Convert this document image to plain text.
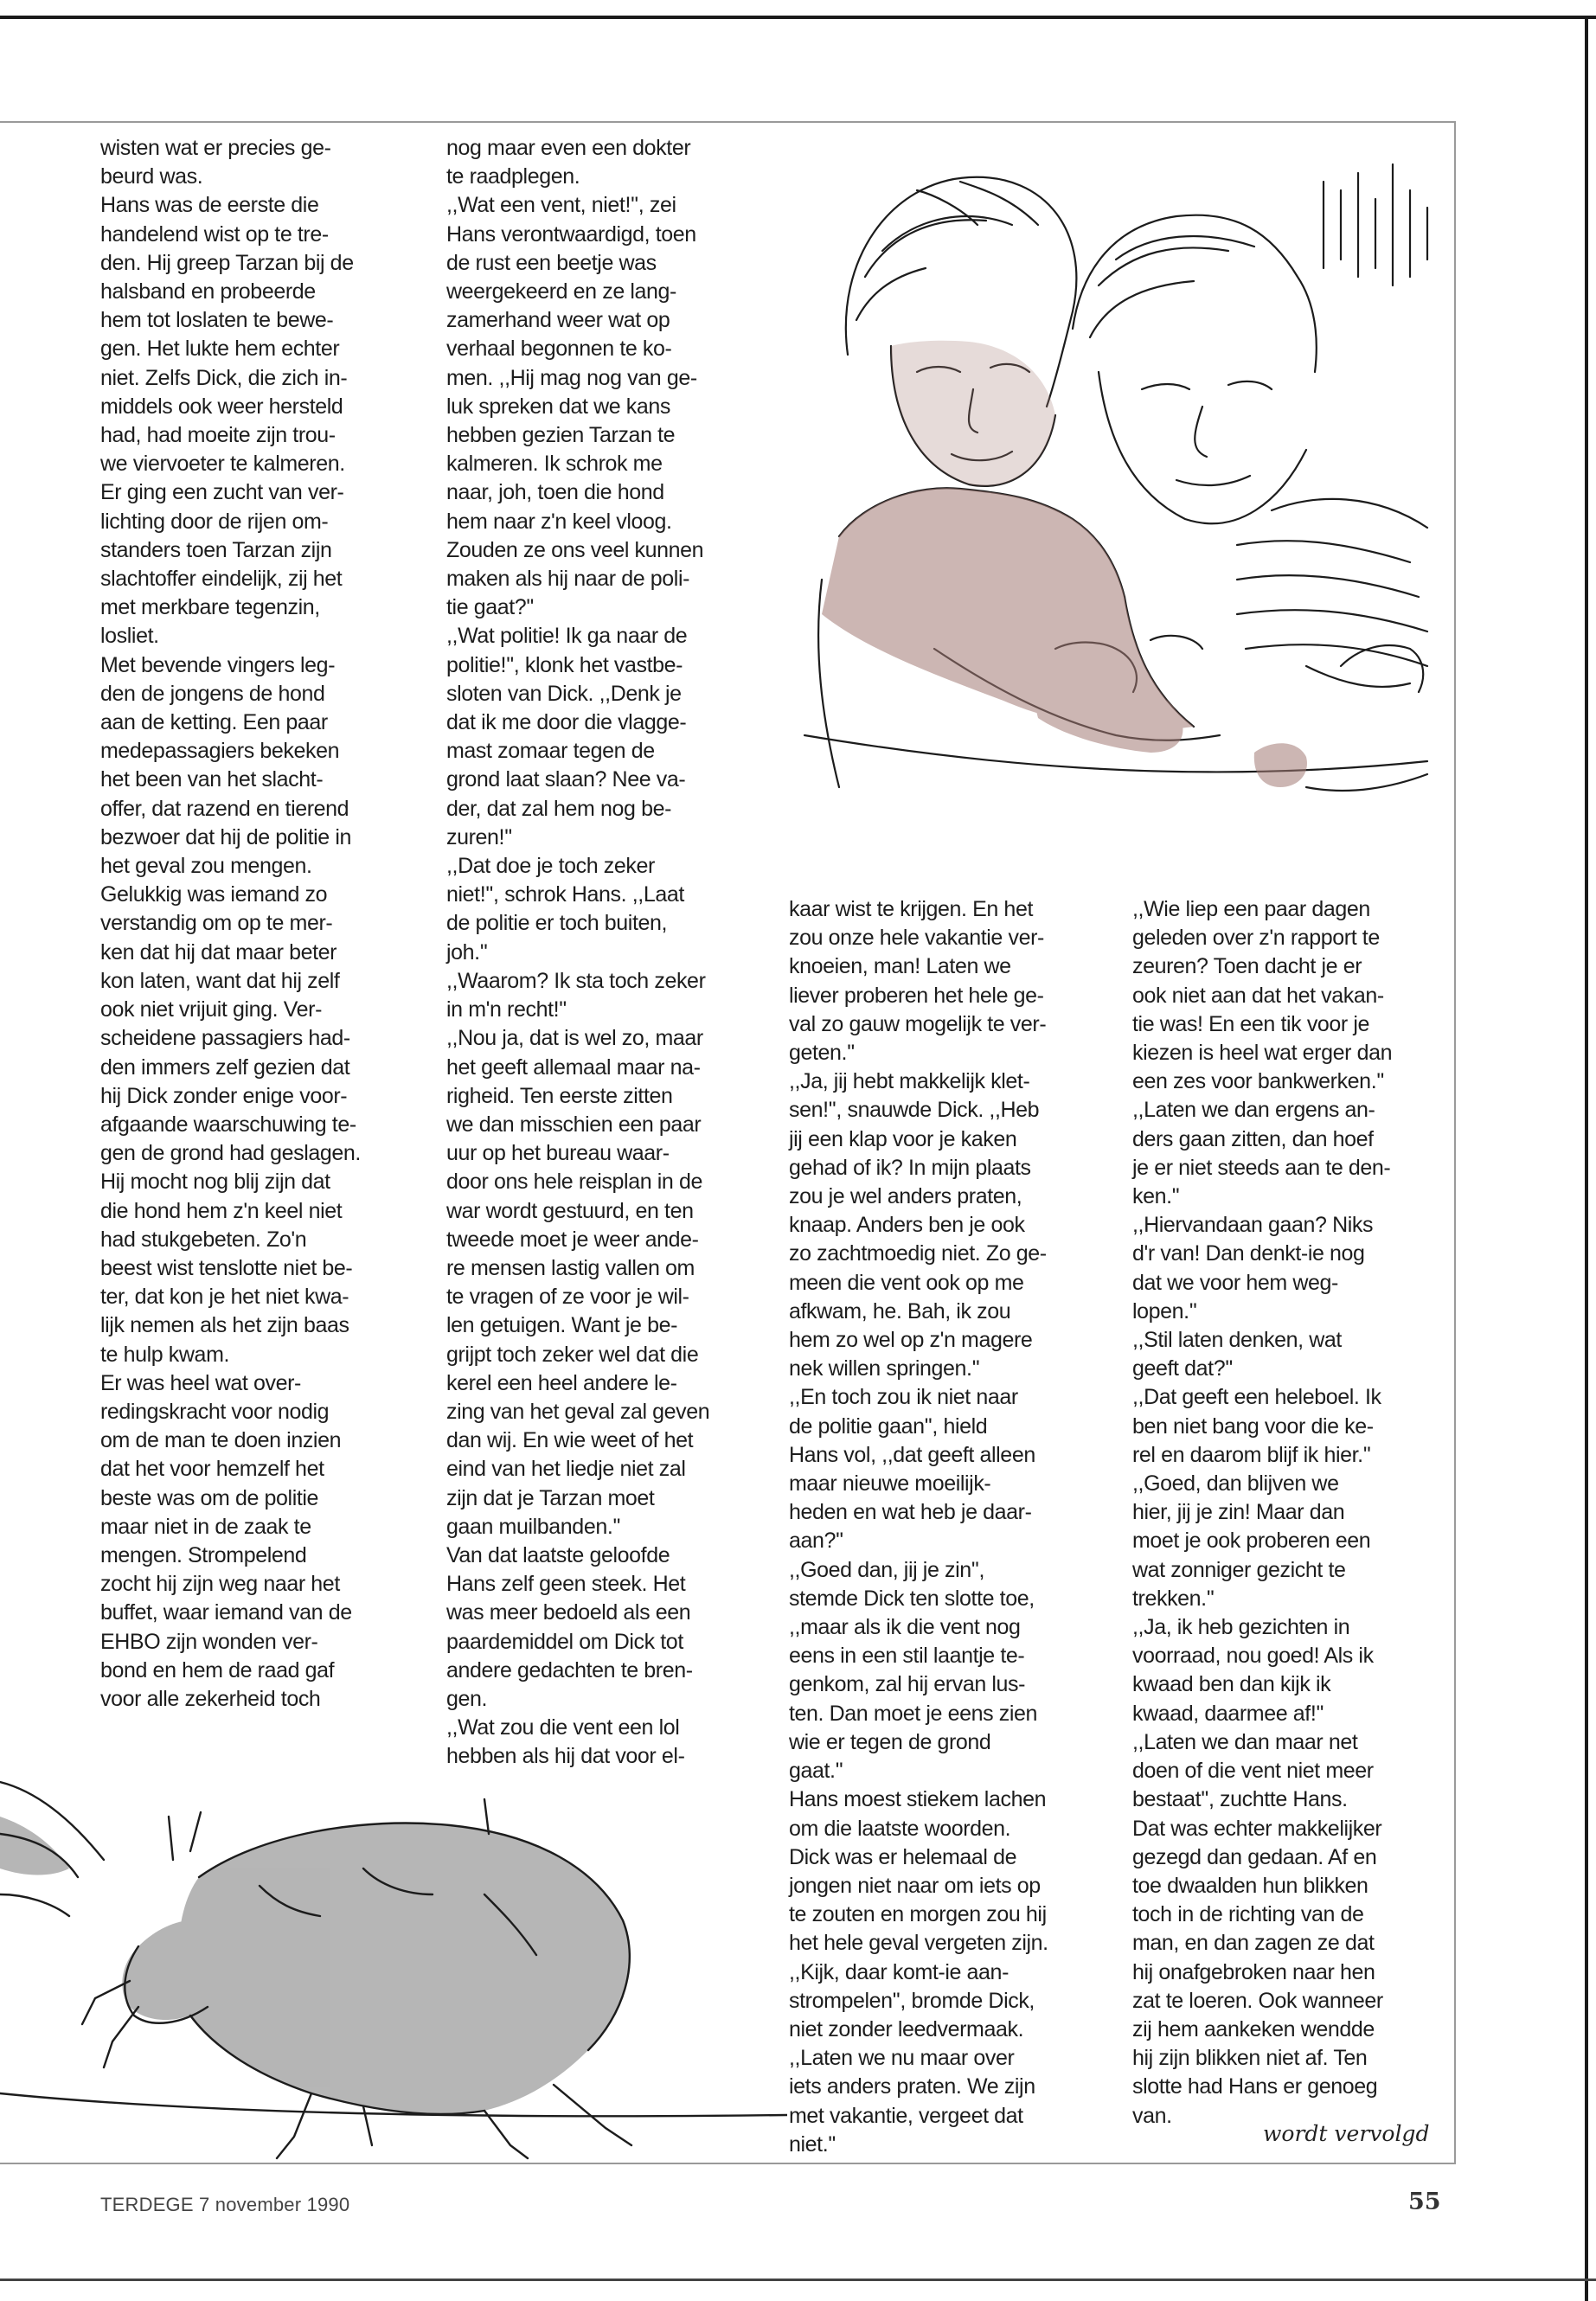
wisten wat er precies ge-
beurd was.
Hans was de eerste die
handelend wist op te tre-
den. Hij greep Tarzan bij de
halsband en probeerde
hem tot loslaten te bewe-
gen. Het lukte hem echter
niet. Zelfs Dick, die zich in-
middels ook weer hersteld
had, had moeite zijn trou-
we viervoeter te kalmeren.
Er ging een zucht van ver-
lichting door de rijen om-
standers toen Tarzan zijn
slachtoffer eindelijk, zij het
met merkbare tegenzin,
losliet.
Met bevende vingers leg-
den de jongens de hond
aan de ketting. Een paar
medepassagiers bekeken
het been van het slacht-
offer, dat razend en tierend
bezwoer dat hij de politie in
het geval zou mengen.
Gelukkig was iemand zo
verstandig om op te mer-
ken dat hij dat maar beter
kon laten, want dat hij zelf
ook niet vrijuit ging. Ver-
scheidene passagiers had-
den immers zelf gezien dat
hij Dick zonder enige voor-
afgaande waarschuwing te-
gen de grond had geslagen.
Hij mocht nog blij zijn dat
die hond hem z'n keel niet
had stukgebeten. Zo'n
beest wist tenslotte niet be-
ter, dat kon je het niet kwa-
lijk nemen als het zijn baas
te hulp kwam.
Er was heel wat over-
redingskracht voor nodig
om de man te doen inzien
dat het voor hemzelf het
beste was om de politie
maar niet in de zaak te
mengen. Strompelend
zocht hij zijn weg naar het
buffet, waar iemand van de
EHBO zijn wonden ver-
bond en hem de raad gaf
voor alle zekerheid toch
nog maar even een dokter
te raadplegen.
,,Wat een vent, niet!'', zei
Hans verontwaardigd, toen
de rust een beetje was
weergekeerd en ze lang-
zamerhand weer wat op
verhaal begonnen te ko-
men. ,,Hij mag nog van ge-
luk spreken dat we kans
hebben gezien Tarzan te
kalmeren. Ik schrok me
naar, joh, toen die hond
hem naar z'n keel vloog.
Zouden ze ons veel kunnen
maken als hij naar de poli-
tie gaat?''
,,Wat politie! Ik ga naar de
politie!'', klonk het vastbe-
sloten van Dick. ,,Denk je
dat ik me door die vlagge-
mast zomaar tegen de
grond laat slaan? Nee va-
der, dat zal hem nog be-
zuren!''
,,Dat doe je toch zeker
niet!'', schrok Hans. ,,Laat
de politie er toch buiten,
joh.''
,,Waarom? Ik sta toch zeker
in m'n recht!''
,,Nou ja, dat is wel zo, maar
het geeft allemaal maar na-
righeid. Ten eerste zitten
we dan misschien een paar
uur op het bureau waar-
door ons hele reisplan in de
war wordt gestuurd, en ten
tweede moet je weer ande-
re mensen lastig vallen om
te vragen of ze voor je wil-
len getuigen. Want je be-
grijpt toch zeker wel dat die
kerel een heel andere le-
zing van het geval zal geven
dan wij. En wie weet of het
eind van het liedje niet zal
zijn dat je Tarzan moet
gaan muilbanden.''
Van dat laatste geloofde
Hans zelf geen steek. Het
was meer bedoeld als een
paardemiddel om Dick tot
andere gedachten te bren-
gen.
,,Wat zou die vent een lol
hebben als hij dat voor el-
kaar wist te krijgen. En het
zou onze hele vakantie ver-
knoeien, man! Laten we
liever proberen het hele ge-
val zo gauw mogelijk te ver-
geten.''
,,Ja, jij hebt makkelijk klet-
sen!'', snauwde Dick. ,,Heb
jij een klap voor je kaken
gehad of ik? In mijn plaats
zou je wel anders praten,
knaap. Anders ben je ook
zo zachtmoedig niet. Zo ge-
meen die vent ook op me
afkwam, he. Bah, ik zou
hem zo wel op z'n magere
nek willen springen.''
,,En toch zou ik niet naar
de politie gaan'', hield
Hans vol, ,,dat geeft alleen
maar nieuwe moeilijk-
heden en wat heb je daar-
aan?''
,,Goed dan, jij je zin'',
stemde Dick ten slotte toe,
,,maar als ik die vent nog
eens in een stil laantje te-
genkom, zal hij ervan lus-
ten. Dan moet je eens zien
wie er tegen de grond
gaat.''
Hans moest stiekem lachen
om die laatste woorden.
Dick was er helemaal de
jongen niet naar om iets op
te zouten en morgen zou hij
het hele geval vergeten zijn.
,,Kijk, daar komt-ie aan-
strompelen'', bromde Dick,
niet zonder leedvermaak.
,,Laten we nu maar over
iets anders praten. We zijn
met vakantie, vergeet dat
niet.''
,,Wie liep een paar dagen
geleden over z'n rapport te
zeuren? Toen dacht je er
ook niet aan dat het vakan-
tie was! En een tik voor je
kiezen is heel wat erger dan
een zes voor bankwerken.''
,,Laten we dan ergens an-
ders gaan zitten, dan hoef
je er niet steeds aan te den-
ken.''
,,Hiervandaan gaan? Niks
d'r van! Dan denkt-ie nog
dat we voor hem weg-
lopen.''
,,Stil laten denken, wat
geeft dat?''
,,Dat geeft een heleboel. Ik
ben niet bang voor die ke-
rel en daarom blijf ik hier.''
,,Goed, dan blijven we
hier, jij je zin! Maar dan
moet je ook proberen een
wat zonniger gezicht te
trekken.''
,,Ja, ik heb gezichten in
voorraad, nou goed! Als ik
kwaad ben dan kijk ik
kwaad, daarmee af!''
,,Laten we dan maar net
doen of die vent niet meer
bestaat'', zuchtte Hans.
Dat was echter makkelijker
gezegd dan gedaan. Af en
toe dwaalden hun blikken
toch in de richting van de
man, en dan zagen ze dat
hij onafgebroken naar hen
zat te loeren. Ook wanneer
zij hem aankeken wendde
hij zijn blikken niet af. Ten
slotte had Hans er genoeg
van.
wordt vervolgd
TERDEGE 7 november 1990	55
